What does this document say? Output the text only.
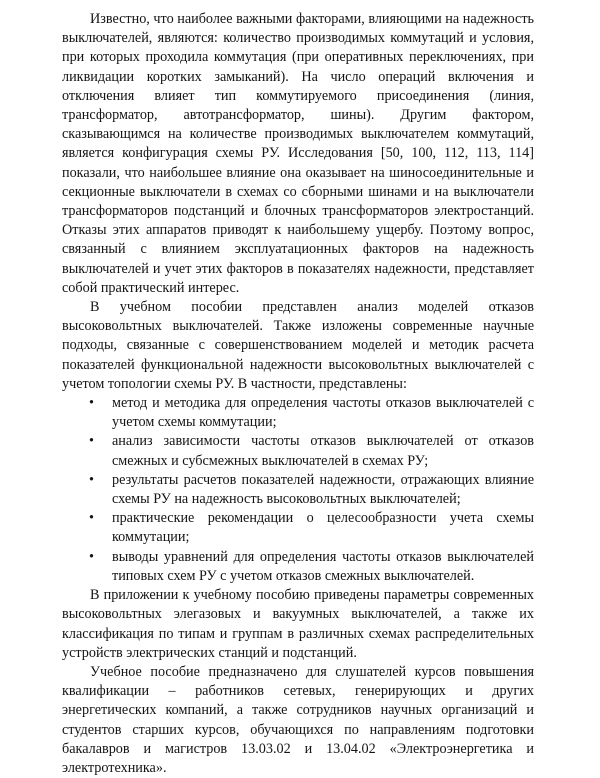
Известно, что наиболее важными факторами, влияющими на надежность выключателей, являются: количество производимых коммутаций и условия, при которых проходила коммутация (при оперативных переключениях, при ликвидации коротких замыканий). На число операций включения и отключения влияет тип коммутируемого присоединения (линия, трансформатор, автотрансформатор, шины). Другим фактором, сказывающимся на количестве производимых выключателем коммутаций, является конфигурация схемы РУ. Исследования [50, 100, 112, 113, 114] показали, что наибольшее влияние она оказывает на шиносоединительные и секционные выключатели в схемах со сборными шинами и на выключатели трансформаторов подстанций и блочных трансформаторов электростанций. Отказы этих аппаратов приводят к наибольшему ущербу. Поэтому вопрос, связанный с влиянием эксплуатационных факторов на надежность выключателей и учет этих факторов в показателях надежности, представляет собой практический интерес.

В учебном пособии представлен анализ моделей отказов высоковольтных выключателей. Также изложены современные научные подходы, связанные с совершенствованием моделей и методик расчета показателей функциональной надежности высоковольтных выключателей с учетом топологии схемы РУ. В частности, представлены:

• метод и методика для определения частоты отказов выключателей с учетом схемы коммутации;
• анализ зависимости частоты отказов выключателей от отказов смежных и субсмежных выключателей в схемах РУ;
• результаты расчетов показателей надежности, отражающих влияние схемы РУ на надежность высоковольтных выключателей;
• практические рекомендации о целесообразности учета схемы коммутации;
• выводы уравнений для определения частоты отказов выключателей типовых схем РУ с учетом отказов смежных выключателей.

В приложении к учебному пособию приведены параметры современных высоковольтных элегазовых и вакуумных выключателей, а также их классификация по типам и группам в различных схемах распределительных устройств электрических станций и подстанций.

Учебное пособие предназначено для слушателей курсов повышения квалификации – работников сетевых, генерирующих и других энергетических компаний, а также сотрудников научных организаций и студентов старших курсов, обучающихся по направлениям подготовки бакалавров и магистров 13.03.02 и 13.04.02 «Электроэнергетика и электротехника».
